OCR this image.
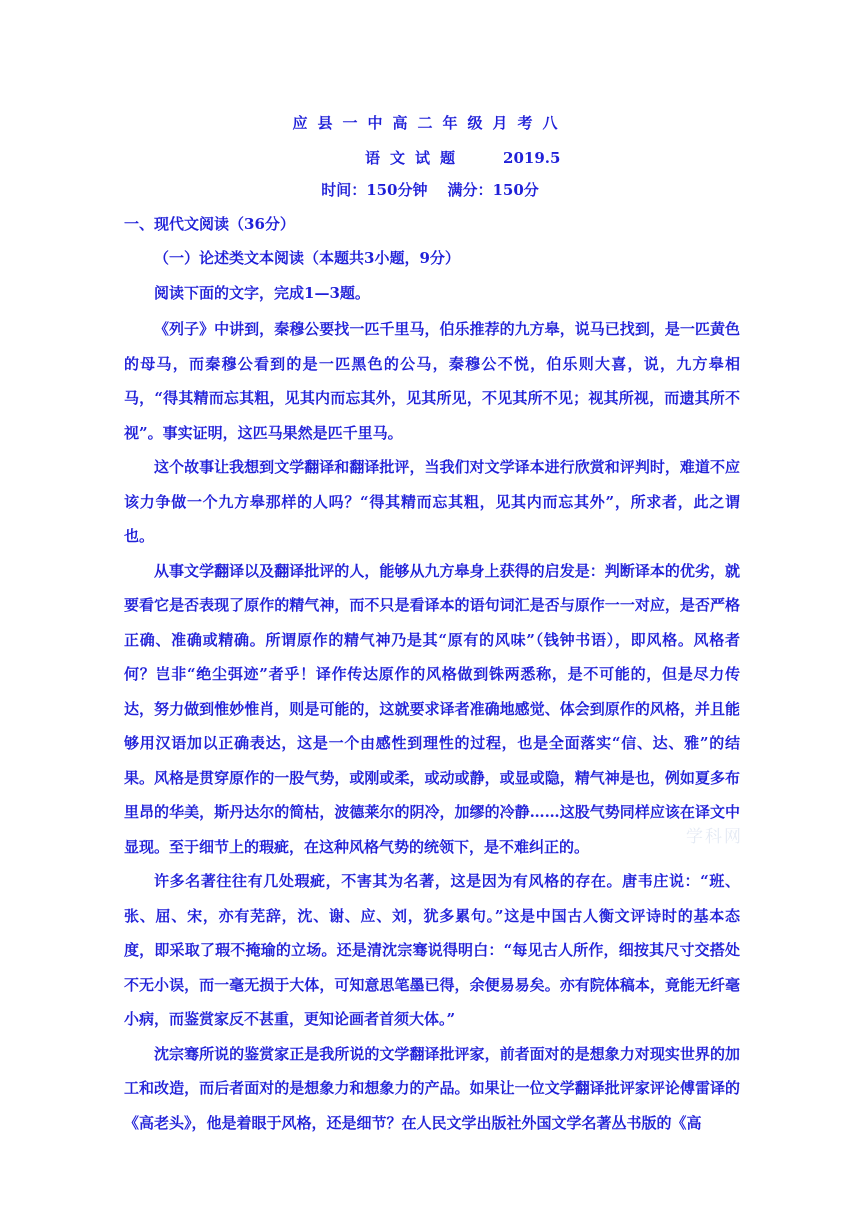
应县一中高二年级月考八
语文试题	2019.5
时间：150分钟 满分：150分
一、现代文阅读（36分）
（一）论述类文本阅读（本题共3小题，9分）
阅读下面的文字，完成1—3题。

《列子》中讲到，秦穆公要找一匹千里马，伯乐推荐的九方皋，说马已找到，是一匹黄色的母马，而秦穆公看到的是一匹黑色的公马，秦穆公不悦，伯乐则大喜，说，九方皋相马，“得其精而忘其粗，见其内而忘其外，见其所见，不见其所不见；视其所视，而遗其所不视”。事实证明，这匹马果然是匹千里马。

这个故事让我想到文学翻译和翻译批评，当我们对文学译本进行欣赏和评判时，难道不应该力争做一个九方皋那样的人吗？“得其精而忘其粗，见其内而忘其外”，所求者，此之谓也。

从事文学翻译以及翻译批评的人，能够从九方皋身上获得的启发是：判断译本的优劣，就要看它是否表现了原作的精气神，而不只是看译本的语句词汇是否与原作一一对应，是否严格正确、准确或精确。所谓原作的精气神乃是其“原有的风味”（钱钟书语），即风格。风格者何？岂非“绝尘弭迹”者乎！译作传达原作的风格做到铢两悉称，是不可能的，但是尽力传达，努力做到惟妙惟肖，则是可能的，这就要求译者准确地感觉、体会到原作的风格，并且能够用汉语加以正确表达，这是一个由感性到理性的过程，也是全面落实“信、达、雅”的结果。风格是贯穿原作的一股气势，或刚或柔，或动或静，或显或隐，精气神是也，例如夏多布里昂的华美，斯丹达尔的简枯，波德莱尔的阴冷，加缪的冷静……这股气势同样应该在译文中显现。至于细节上的瑕疵，在这种风格气势的统领下，是不难纠正的。

许多名著往往有几处瑕疵，不害其为名著，这是因为有风格的存在。唐韦庄说：“班、张、屈、宋，亦有芜辞，沈、谢、应、刘，犹多累句。”这是中国古人衡文评诗时的基本态度，即采取了瑕不掩瑜的立场。还是清沈宗骞说得明白：“每见古人所作，细按其尺寸交搭处不无小误，而一毫无损于大体，可知意思笔墨已得，余便易易矣。亦有院体稿本，竟能无纤毫小病，而鉴赏家反不甚重，更知论画者首须大体。”

沈宗骞所说的鉴赏家正是我所说的文学翻译批评家，前者面对的是想象力对现实世界的加工和改造，而后者面对的是想象力和想象力的产品。如果让一位文学翻译批评家评论傅雷译的《高老头》，他是着眼于风格，还是细节？在人民文学出版社外国文学名著丛书版的《高

学科网
